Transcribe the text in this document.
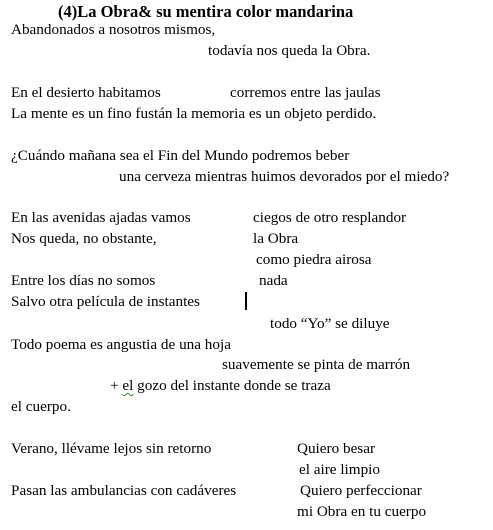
(4)La Obra& su mentira color mandarina
Abandonados a nosotros mismos,
todavía nos queda la Obra.
En el desierto habitamos	corremos entre las jaulas
La mente es un fino fustán la memoria es un objeto perdido.
¿Cuándo mañana sea el Fin del Mundo podremos beber
una cerveza mientras huimos devorados por el miedo?
En las avenidas ajadas vamos	ciegos de otro resplandor
Nos queda, no obstante,	la Obra
como piedra airosa
Entre los días no somos	nada
Salvo otra película de instantes
todo “Yo” se diluye
Todo poema es angustia de una hoja
suavemente se pinta de marrón
+ el gozo del instante donde se traza
el cuerpo.
Verano, llévame lejos sin retorno	Quiero besar
el aire limpio
Pasan las ambulancias con cadáveres	Quiero perfeccionar
mi Obra en tu cuerpo
